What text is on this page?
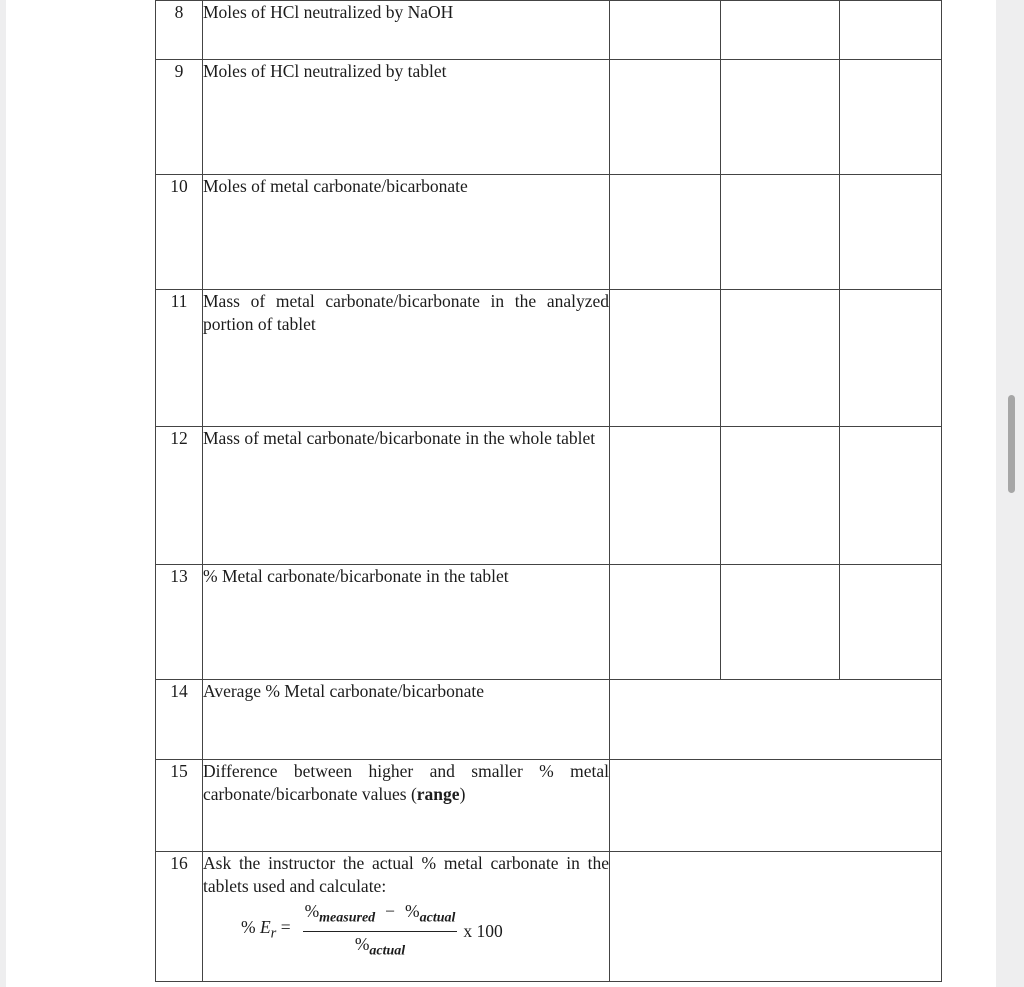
8	Moles of HCl neutralized by NaOH			
9	Moles of HCl neutralized by tablet			
10	Moles of metal carbonate/bicarbonate			
11	Mass of metal carbonate/bicarbonate in the analyzed portion of tablet			
12	Mass of metal carbonate/bicarbonate in the whole tablet			
13	% Metal carbonate/bicarbonate in the tablet			
14	Average % Metal carbonate/bicarbonate			
15	Difference between higher and smaller % metal carbonate/bicarbonate values (range)			
16	Ask the instructor the actual % metal carbonate in the tablets used and calculate:
% $E_r = \frac{\%_{measured} - \%_{actual}}{\%_{actual}}$ x 100			
